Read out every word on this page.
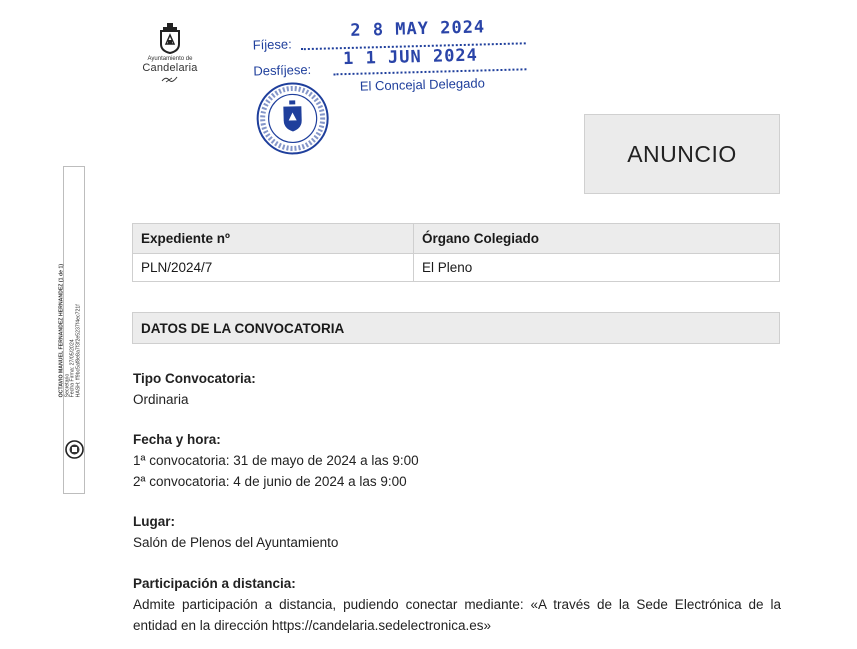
Ayuntamiento de
Candelaria
Fíjese:
2 8 MAY 2024
Desfíjese:
1 1 JUN 2024
El Concejal Delegado
ANUNCIO
OCTAVIO MANUEL FERNANDEZ HERNANDEZ (1 de 1) Secretario Fecha Firma: 27/05/2024 HASH: ff9bc5af8e8a7f3f2e5237f4ec721f
Expediente nº	Órgano Colegiado
PLN/2024/7	El Pleno
DATOS DE LA CONVOCATORIA
Tipo Convocatoria:
Ordinaria
Fecha y hora:
1ª convocatoria: 31 de mayo de 2024 a las 9:00
2ª convocatoria: 4 de junio de 2024 a las 9:00
Lugar:
Salón de Plenos del Ayuntamiento
Participación a distancia:
Admite participación a distancia, pudiendo conectar mediante: «A través de la Sede Electrónica de la entidad en la dirección https://candelaria.sedelectronica.es»
